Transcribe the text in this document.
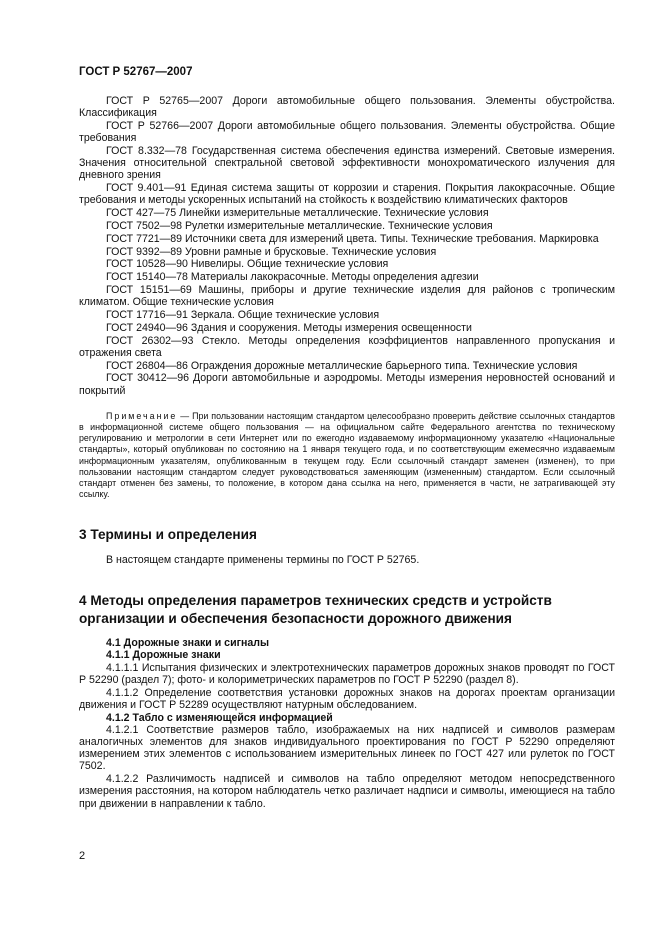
ГОСТ Р 52767—2007

ГОСТ Р 52765—2007 Дороги автомобильные общего пользования. Элементы обустройства. Классификация

ГОСТ Р 52766—2007 Дороги автомобильные общего пользования. Элементы обустройства. Общие требования

ГОСТ 8.332—78 Государственная система обеспечения единства измерений. Световые измерения. Значения относительной спектральной световой эффективности монохроматического излучения для дневного зрения

ГОСТ 9.401—91 Единая система защиты от коррозии и старения. Покрытия лакокрасочные. Общие требования и методы ускоренных испытаний на стойкость к воздействию климатических факторов

ГОСТ 427—75 Линейки измерительные металлические. Технические условия

ГОСТ 7502—98 Рулетки измерительные металлические. Технические условия

ГОСТ 7721—89 Источники света для измерений цвета. Типы. Технические требования. Маркировка

ГОСТ 9392—89 Уровни рамные и брусковые. Технические условия

ГОСТ 10528—90 Нивелиры. Общие технические условия

ГОСТ 15140—78 Материалы лакокрасочные. Методы определения адгезии

ГОСТ 15151—69 Машины, приборы и другие технические изделия для районов с тропическим климатом. Общие технические условия

ГОСТ 17716—91 Зеркала. Общие технические условия

ГОСТ 24940—96 Здания и сооружения. Методы измерения освещенности

ГОСТ 26302—93 Стекло. Методы определения коэффициентов направленного пропускания и отражения света

ГОСТ 26804—86 Ограждения дорожные металлические барьерного типа. Технические условия

ГОСТ 30412—96 Дороги автомобильные и аэродромы. Методы измерения неровностей оснований и покрытий

Примечание — При пользовании настоящим стандартом целесообразно проверить действие ссылочных стандартов в информационной системе общего пользования — на официальном сайте Федерального агентства по техническому регулированию и метрологии в сети Интернет или по ежегодно издаваемому информационному указателю «Национальные стандарты», который опубликован по состоянию на 1 января текущего года, и по соответствующим ежемесячно издаваемым информационным указателям, опубликованным в текущем году. Если ссылочный стандарт заменен (изменен), то при пользовании настоящим стандартом следует руководствоваться заменяющим (измененным) стандартом. Если ссылочный стандарт отменен без замены, то положение, в котором дана ссылка на него, применяется в части, не затрагивающей эту ссылку.

3 Термины и определения

В настоящем стандарте применены термины по ГОСТ Р 52765.

4 Методы определения параметров технических средств и устройств организации и обеспечения безопасности дорожного движения

4.1 Дорожные знаки и сигналы

4.1.1 Дорожные знаки

4.1.1.1 Испытания физических и электротехнических параметров дорожных знаков проводят по ГОСТ Р 52290 (раздел 7); фото- и колориметрических параметров по ГОСТ Р 52290 (раздел 8).

4.1.1.2 Определение соответствия установки дорожных знаков на дорогах проектам организации движения и ГОСТ Р 52289 осуществляют натурным обследованием.

4.1.2 Табло с изменяющейся информацией

4.1.2.1 Соответствие размеров табло, изображаемых на них надписей и символов размерам аналогичных элементов для знаков индивидуального проектирования по ГОСТ Р 52290 определяют измерением этих элементов с использованием измерительных линеек по ГОСТ 427 или рулеток по ГОСТ 7502.

4.1.2.2 Различимость надписей и символов на табло определяют методом непосредственного измерения расстояния, на котором наблюдатель четко различает надписи и символы, имеющиеся на табло при движении в направлении к табло.

2
